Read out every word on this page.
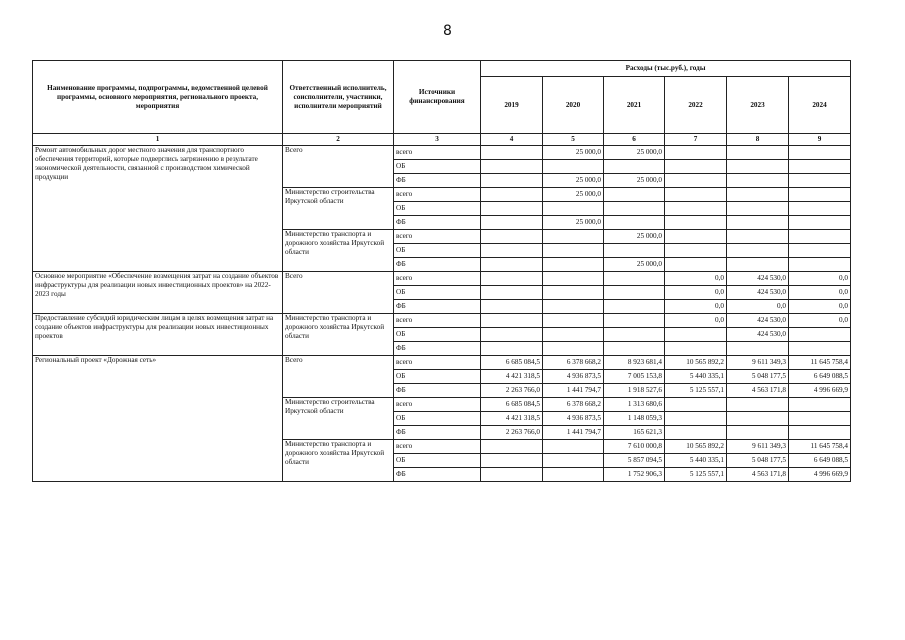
8
Наименование программы, подпрограммы, ведомственной целевой программы, основного мероприятия, регионального проекта, мероприятия	Ответственный исполнитель, соисполнители, участники, исполнители мероприятий	Источники финансирования	Расходы (тыс.руб.), годы					
			2019	2020	2021	2022	2023	2024
1	2	3	4	5	6	7	8	9
Ремонт автомобильных дорог местного значения для транспортного обеспечения территорий, которые подверглись загрязнению в результате экономической деятельности, связанной с производством химической продукции	Всего	всего		25 000,0	25 000,0			
		ОБ						
		ФБ		25 000,0	25 000,0			
	Министерство строительства Иркутской области	всего		25 000,0				
		ОБ						
		ФБ		25 000,0				
	Министерство транспорта и дорожного хозяйства Иркутской области	всего			25 000,0			
		ОБ						
		ФБ			25 000,0			
Основное мероприятие «Обеспечение возмещения затрат на создание объектов инфраструктуры для реализации новых инвестиционных проектов» на 2022-2023 годы	Всего	всего				0,0	424 530,0	0,0
		ОБ				0,0	424 530,0	0,0
		ФБ				0,0	0,0	0,0
Предоставление субсидий юридическим лицам в целях возмещения затрат на создание объектов инфраструктуры для реализации новых инвестиционных проектов	Министерство транспорта и дорожного хозяйства Иркутской области	всего				0,0	424 530,0	0,0
		ОБ					424 530,0	
		ФБ						
Региональный проект «Дорожная сеть»	Всего	всего	6 685 084,5	6 378 668,2	8 923 681,4	10 565 892,2	9 611 349,3	11 645 758,4
		ОБ	4 421 318,5	4 936 873,5	7 005 153,8	5 440 335,1	5 048 177,5	6 649 088,5
		ФБ	2 263 766,0	1 441 794,7	1 918 527,6	5 125 557,1	4 563 171,8	4 996 669,9
	Министерство строительства Иркутской области	всего	6 685 084,5	6 378 668,2	1 313 680,6			
		ОБ	4 421 318,5	4 936 873,5	1 148 059,3			
		ФБ	2 263 766,0	1 441 794,7	165 621,3			
	Министерство транспорта и дорожного хозяйства Иркутской области	всего			7 610 000,8	10 565 892,2	9 611 349,3	11 645 758,4
		ОБ			5 857 094,5	5 440 335,1	5 048 177,5	6 649 088,5
		ФБ			1 752 906,3	5 125 557,1	4 563 171,8	4 996 669,9
